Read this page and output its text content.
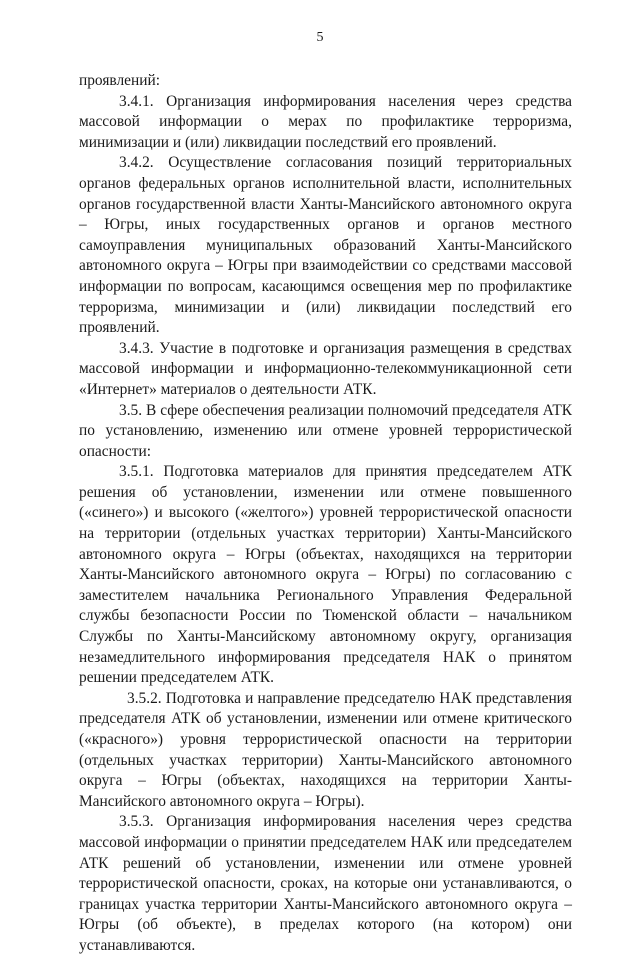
5

проявлений:

3.4.1. Организация информирования населения через средства массовой информации о мерах по профилактике терроризма, минимизации и (или) ликвидации последствий его проявлений.

3.4.2. Осуществление согласования позиций территориальных органов федеральных органов исполнительной власти, исполнительных органов государственной власти Ханты-Мансийского автономного округа – Югры, иных государственных органов и органов местного самоуправления муниципальных образований Ханты-Мансийского автономного округа – Югры при взаимодействии со средствами массовой информации по вопросам, касающимся освещения мер по профилактике терроризма, минимизации и (или) ликвидации последствий его проявлений.

3.4.3. Участие в подготовке и организация размещения в средствах массовой информации и информационно-телекоммуникационной сети «Интернет» материалов о деятельности АТК.

3.5. В сфере обеспечения реализации полномочий председателя АТК по установлению, изменению или отмене уровней террористической опасности:

3.5.1. Подготовка материалов для принятия председателем АТК решения об установлении, изменении или отмене повышенного («синего») и высокого («желтого») уровней террористической опасности на территории (отдельных участках территории) Ханты-Мансийского автономного округа – Югры (объектах, находящихся на территории Ханты-Мансийского автономного округа – Югры) по согласованию с заместителем начальника Регионального Управления Федеральной службы безопасности России по Тюменской области – начальником Службы по Ханты-Мансийскому автономному округу, организация незамедлительного информирования председателя НАК о принятом решении председателем АТК.

3.5.2. Подготовка и направление председателю НАК представления председателя АТК об установлении, изменении или отмене критического («красного») уровня террористической опасности на территории (отдельных участках территории) Ханты-Мансийского автономного округа – Югры (объектах, находящихся на территории Ханты-Мансийского автономного округа – Югры).

3.5.3. Организация информирования населения через средства массовой информации о принятии председателем НАК или председателем АТК решений об установлении, изменении или отмене уровней террористической опасности, сроках, на которые они устанавливаются, о границах участка территории Ханты-Мансийского автономного округа – Югры (об объекте), в пределах которого (на котором) они устанавливаются.
